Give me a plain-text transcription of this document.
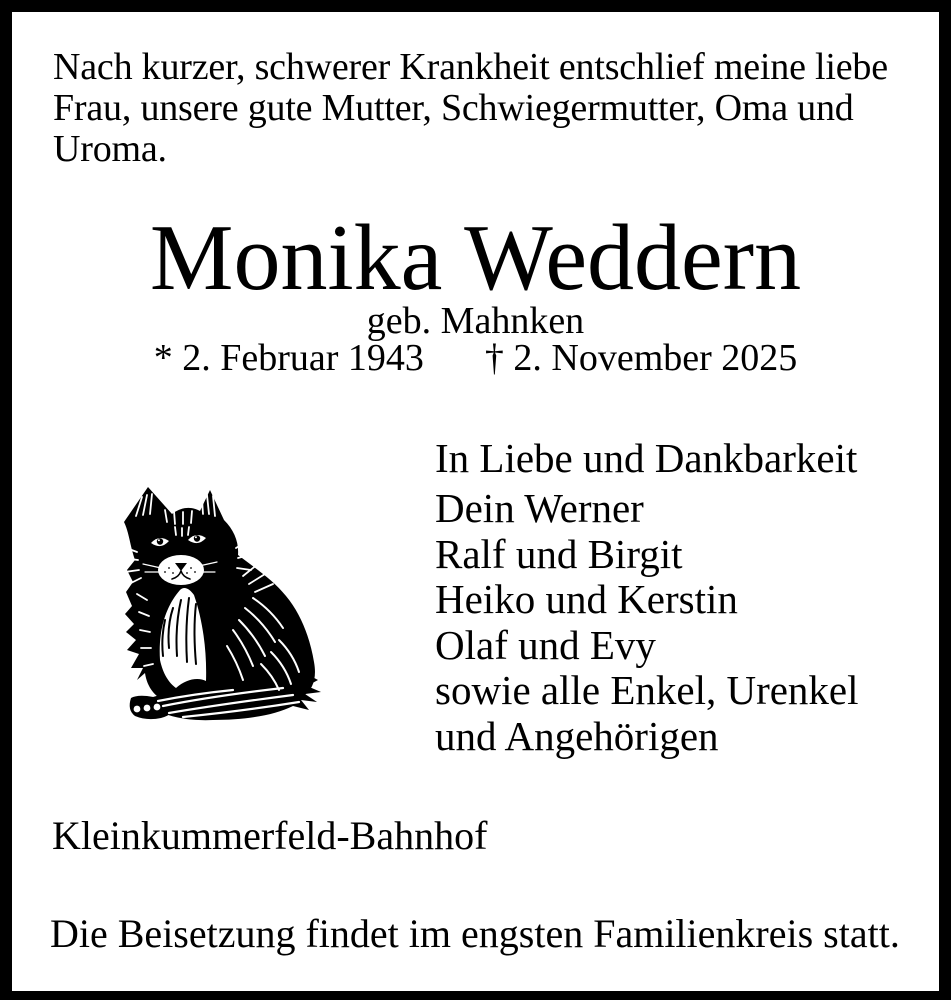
Nach kurzer, schwerer Krankheit entschlief meine liebe
Frau, unsere gute Mutter, Schwiegermutter, Oma und
Uroma.
Monika Weddern
geb. Mahnken
* 2. Februar 1943 † 2. November 2025
In Liebe und Dankbarkeit
Dein Werner
Ralf und Birgit
Heiko und Kerstin
Olaf und Evy
sowie alle Enkel, Urenkel
und Angehörigen
Kleinkummerfeld-Bahnhof
Die Beisetzung findet im engsten Familienkreis statt.
